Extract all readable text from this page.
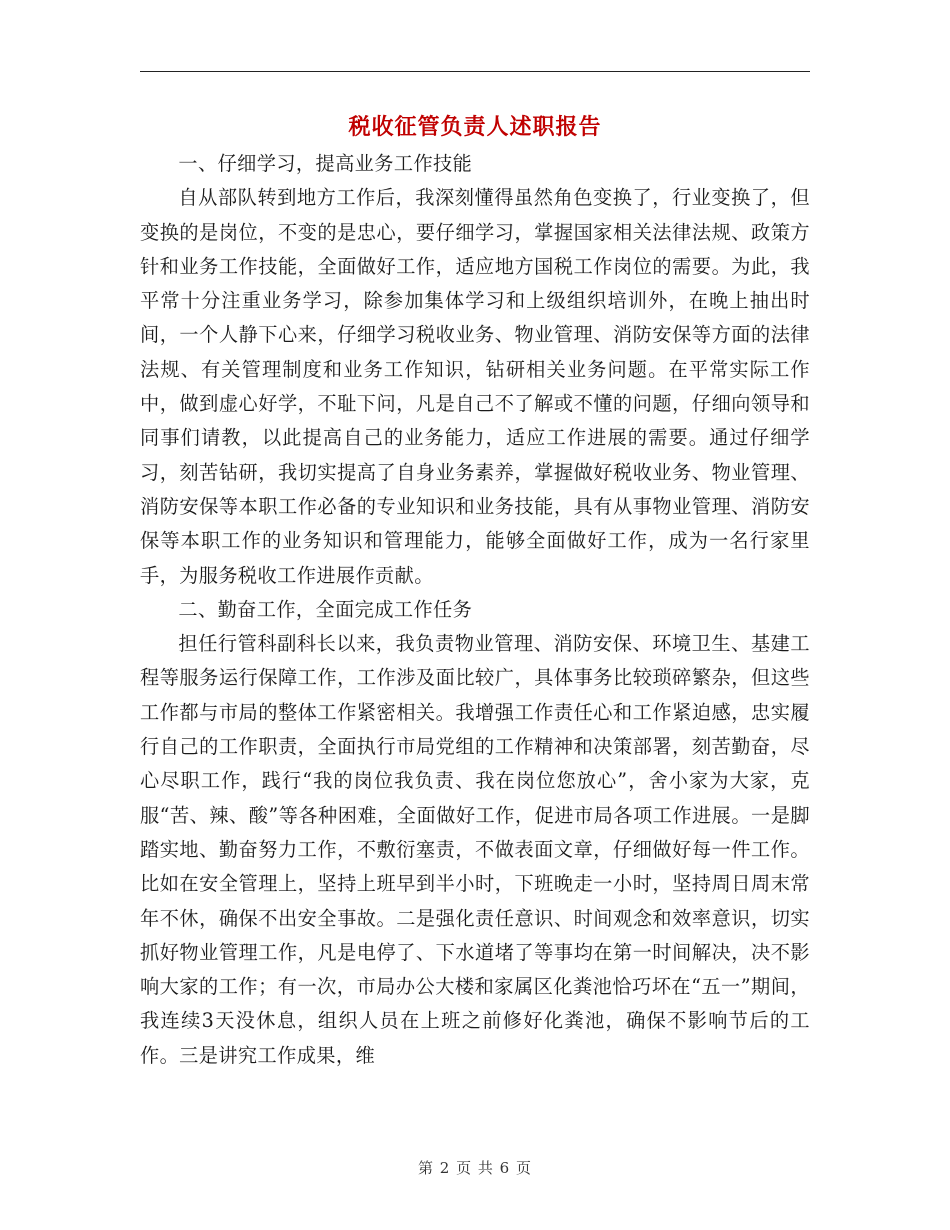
税收征管负责人述职报告

一、仔细学习，提高业务工作技能

自从部队转到地方工作后，我深刻懂得虽然角色变换了，行业变换了，但变换的是岗位，不变的是忠心，要仔细学习，掌握国家相关法律法规、政策方针和业务工作技能，全面做好工作，适应地方国税工作岗位的需要。为此，我平常十分注重业务学习，除参加集体学习和上级组织培训外，在晚上抽出时间，一个人静下心来，仔细学习税收业务、物业管理、消防安保等方面的法律法规、有关管理制度和业务工作知识，钻研相关业务问题。在平常实际工作中，做到虚心好学，不耻下问，凡是自己不了解或不懂的问题，仔细向领导和同事们请教，以此提高自己的业务能力，适应工作进展的需要。通过仔细学习，刻苦钻研，我切实提高了自身业务素养，掌握做好税收业务、物业管理、消防安保等本职工作必备的专业知识和业务技能，具有从事物业管理、消防安保等本职工作的业务知识和管理能力，能够全面做好工作，成为一名行家里手，为服务税收工作进展作贡献。

二、勤奋工作，全面完成工作任务

担任行管科副科长以来，我负责物业管理、消防安保、环境卫生、基建工程等服务运行保障工作，工作涉及面比较广，具体事务比较琐碎繁杂，但这些工作都与市局的整体工作紧密相关。我增强工作责任心和工作紧迫感，忠实履行自己的工作职责，全面执行市局党组的工作精神和决策部署，刻苦勤奋，尽心尽职工作，践行“我的岗位我负责、我在岗位您放心”，舍小家为大家，克服“苦、辣、酸”等各种困难，全面做好工作，促进市局各项工作进展。一是脚踏实地、勤奋努力工作，不敷衍塞责，不做表面文章，仔细做好每一件工作。比如在安全管理上，坚持上班早到半小时，下班晚走一小时，坚持周日周末常年不休，确保不出安全事故。二是强化责任意识、时间观念和效率意识，切实抓好物业管理工作，凡是电停了、下水道堵了等事均在第一时间解决，决不影响大家的工作；有一次，市局办公大楼和家属区化粪池恰巧坏在“五一”期间，我连续3天没休息，组织人员在上班之前修好化粪池，确保不影响节后的工作。三是讲究工作成果，维

第 2 页 共 6 页
